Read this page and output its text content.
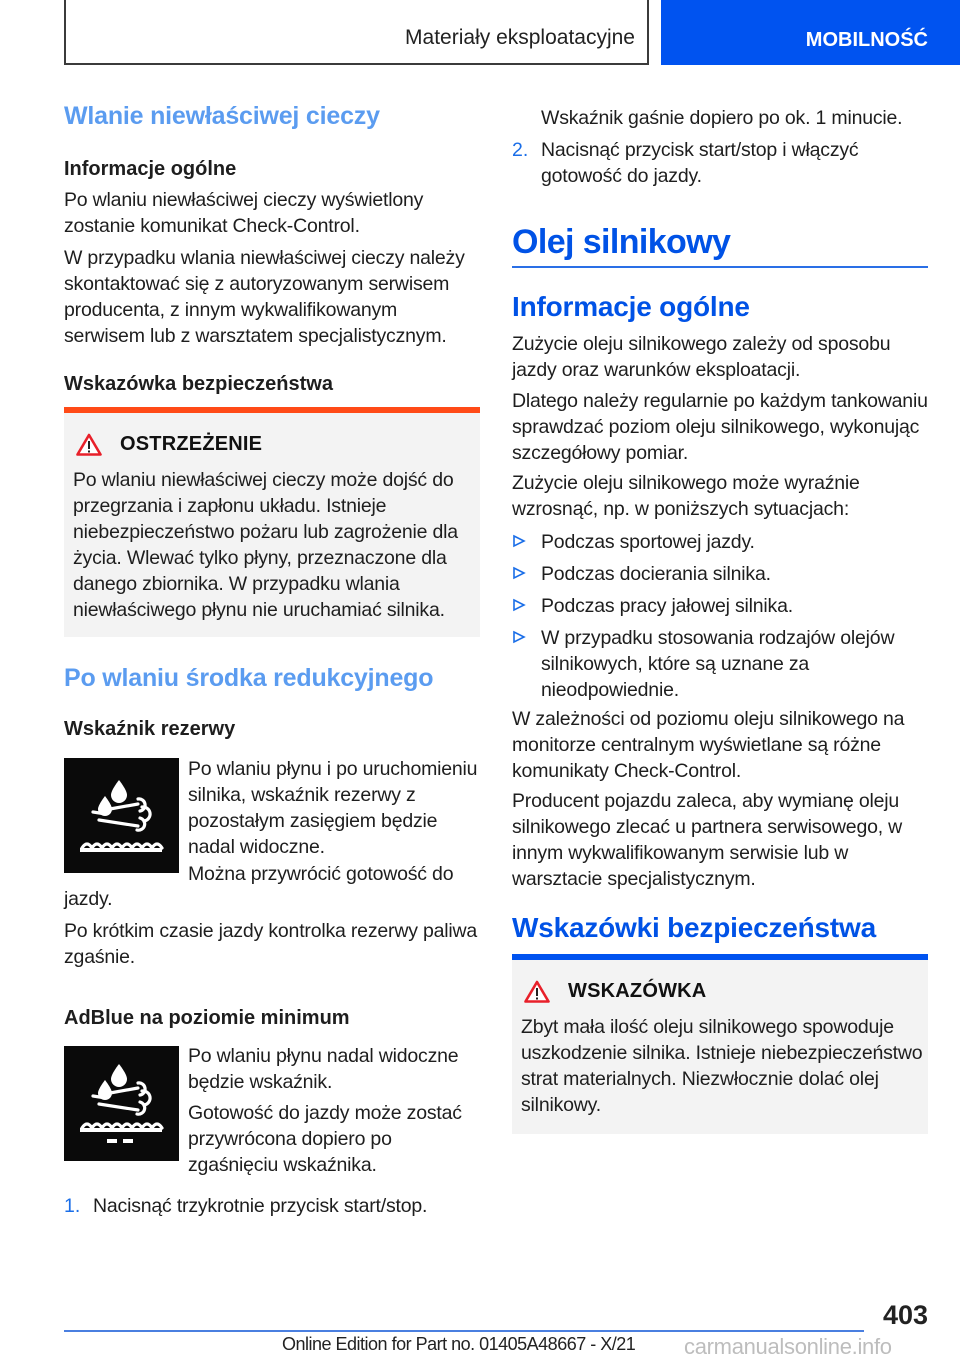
Materiały eksploatacyjne	MOBILNOŚĆ
Wlanie niewłaściwej cieczy
Informacje ogólne

Po wlaniu niewłaściwej cieczy wyświetlony zostanie komunikat Check-Control.

W przypadku wlania niewłaściwej cieczy należy skontaktować się z autoryzowanym serwisem producenta, z innym wykwalifikowanym serwisem lub z warsztatem specjalistycznym.

Wskazówka bezpieczeństwa
OSTRZEŻENIE

Po wlaniu niewłaściwej cieczy może dojść do przegrzania i zapłonu układu. Istnieje niebezpieczeństwo pożaru lub zagrożenie dla życia. Wlewać tylko płyny, przeznaczone dla danego zbiornika. W przypadku wlania niewłaściwego płynu nie uruchamiać silnika.

Po wlaniu środka redukcyjnego
Wskaźnik rezerwy

Po wlaniu płynu i po uruchomieniu silnika, wskaźnik rezerwy z pozostałym zasięgiem będzie nadal widoczne.

Można przywrócić gotowość do

jazdy.

Po krótkim czasie jazdy kontrolka rezerwy paliwa zgaśnie.

AdBlue na poziomie minimum

Po wlaniu płynu nadal widoczne będzie wskaźnik.

Gotowość do jazdy może zostać przywrócona dopiero po zgaśnięciu wskaźnika.

1. Nacisnąć trzykrotnie przycisk start/stop.

Wskaźnik gaśnie dopiero po ok. 1 minucie.

2. Nacisnąć przycisk start/stop i włączyć gotowość do jazdy.

Olej silnikowy
Informacje ogólne

Zużycie oleju silnikowego zależy od sposobu jazdy oraz warunków eksploatacji.

Dlatego należy regularnie po każdym tankowaniu sprawdzać poziom oleju silnikowego, wykonując szczegółowy pomiar.

Zużycie oleju silnikowego może wyraźnie wzrosnąć, np. w poniższych sytuacjach:

Podczas sportowej jazdy.

Podczas docierania silnika.

Podczas pracy jałowej silnika.

W przypadku stosowania rodzajów olejów silnikowych, które są uznane za nieodpowiednie.

W zależności od poziomu oleju silnikowego na monitorze centralnym wyświetlane są różne komunikaty Check-Control.

Producent pojazdu zaleca, aby wymianę oleju silnikowego zlecać u partnera serwisowego, w innym wykwalifikowanym serwisie lub w warsztacie specjalistycznym.

Wskazówki bezpieczeństwa
WSKAZÓWKA

Zbyt mała ilość oleju silnikowego spowoduje uszkodzenie silnika. Istnieje niebezpieczeństwo strat materialnych. Niezwłocznie dolać olej silnikowy.

403
Online Edition for Part no. 01405A48667 - X/21 carmanualsonline.info
